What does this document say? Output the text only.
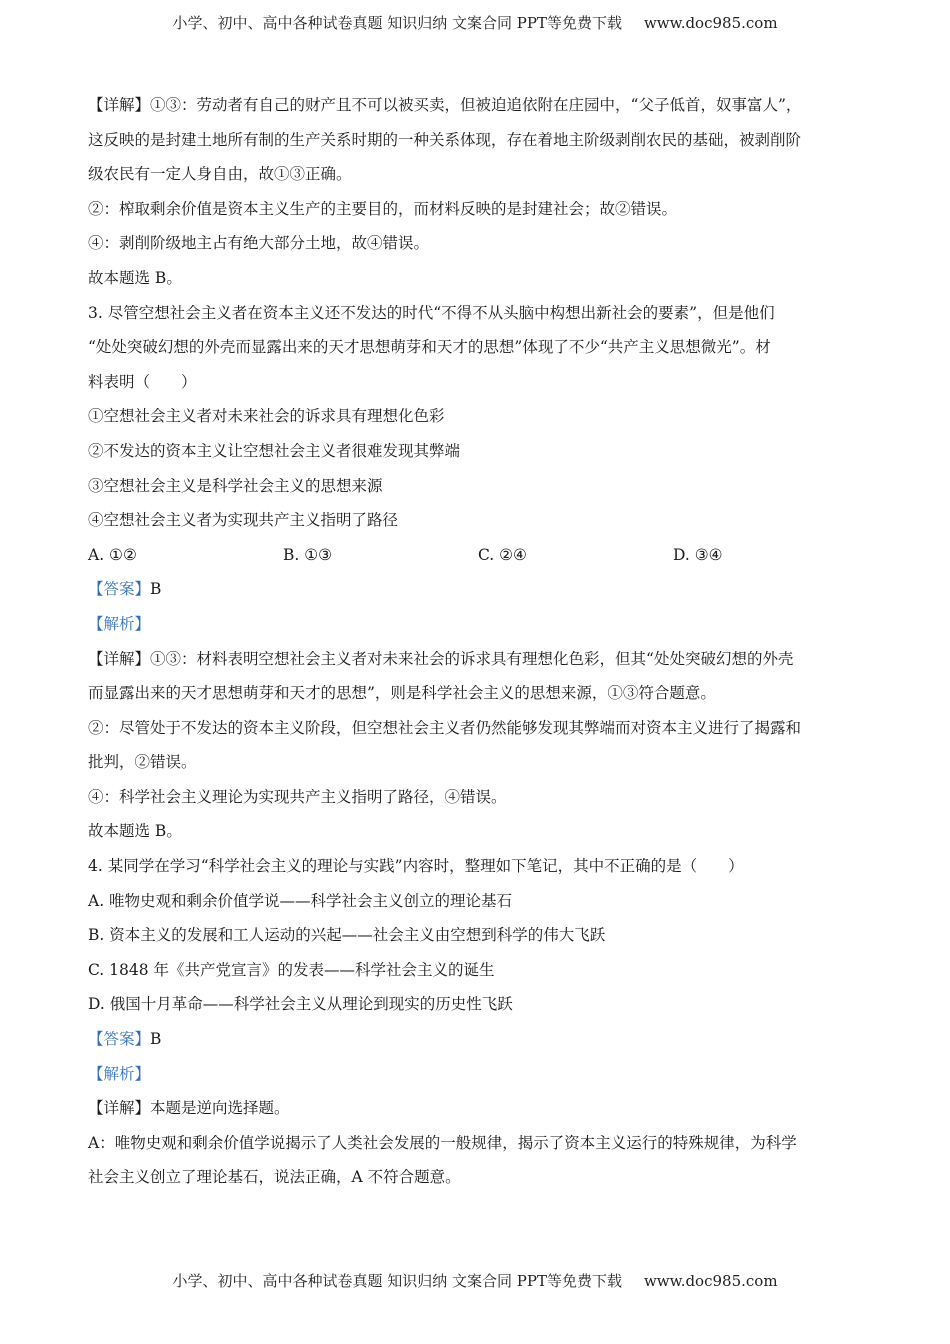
小学、初中、高中各种试卷真题 知识归纳 文案合同 PPT等免费下载 www.doc985.com

【详解】①③：劳动者有自己的财产且不可以被买卖，但被迫追依附在庄园中，“父子低首，奴事富人”，

这反映的是封建土地所有制的生产关系时期的一种关系体现，存在着地主阶级剥削农民的基础，被剥削阶

级农民有一定人身自由，故①③正确。

②：榨取剩余价值是资本主义生产的主要目的，而材料反映的是封建社会；故②错误。

④：剥削阶级地主占有绝大部分土地，故④错误。

故本题选 B。

3. 尽管空想社会主义者在资本主义还不发达的时代“不得不从头脑中构想出新社会的要素”，但是他们

“处处突破幻想的外壳而显露出来的天才思想萌芽和天才的思想”体现了不少“共产主义思想微光”。材

料表明（　　）

①空想社会主义者对未来社会的诉求具有理想化色彩

②不发达的资本主义让空想社会主义者很难发现其弊端

③空想社会主义是科学社会主义的思想来源

④空想社会主义者为实现共产主义指明了路径

A. ①②	B. ①③	C. ②④	D. ③④

【答案】B

【解析】

【详解】①③：材料表明空想社会主义者对未来社会的诉求具有理想化色彩，但其“处处突破幻想的外壳

而显露出来的天才思想萌芽和天才的思想”，则是科学社会主义的思想来源，①③符合题意。

②：尽管处于不发达的资本主义阶段，但空想社会主义者仍然能够发现其弊端而对资本主义进行了揭露和

批判，②错误。

④：科学社会主义理论为实现共产主义指明了路径，④错误。

故本题选 B。

4. 某同学在学习“科学社会主义的理论与实践”内容时，整理如下笔记，其中不正确的是（　　）

A. 唯物史观和剩余价值学说——科学社会主义创立的理论基石

B. 资本主义的发展和工人运动的兴起——社会主义由空想到科学的伟大飞跃

C. 1848 年《共产党宣言》的发表——科学社会主义的诞生

D. 俄国十月革命——科学社会主义从理论到现实的历史性飞跃

【答案】B

【解析】

【详解】本题是逆向选择题。

A：唯物史观和剩余价值学说揭示了人类社会发展的一般规律，揭示了资本主义运行的特殊规律，为科学

社会主义创立了理论基石，说法正确，A 不符合题意。

小学、初中、高中各种试卷真题 知识归纳 文案合同 PPT等免费下载 www.doc985.com
